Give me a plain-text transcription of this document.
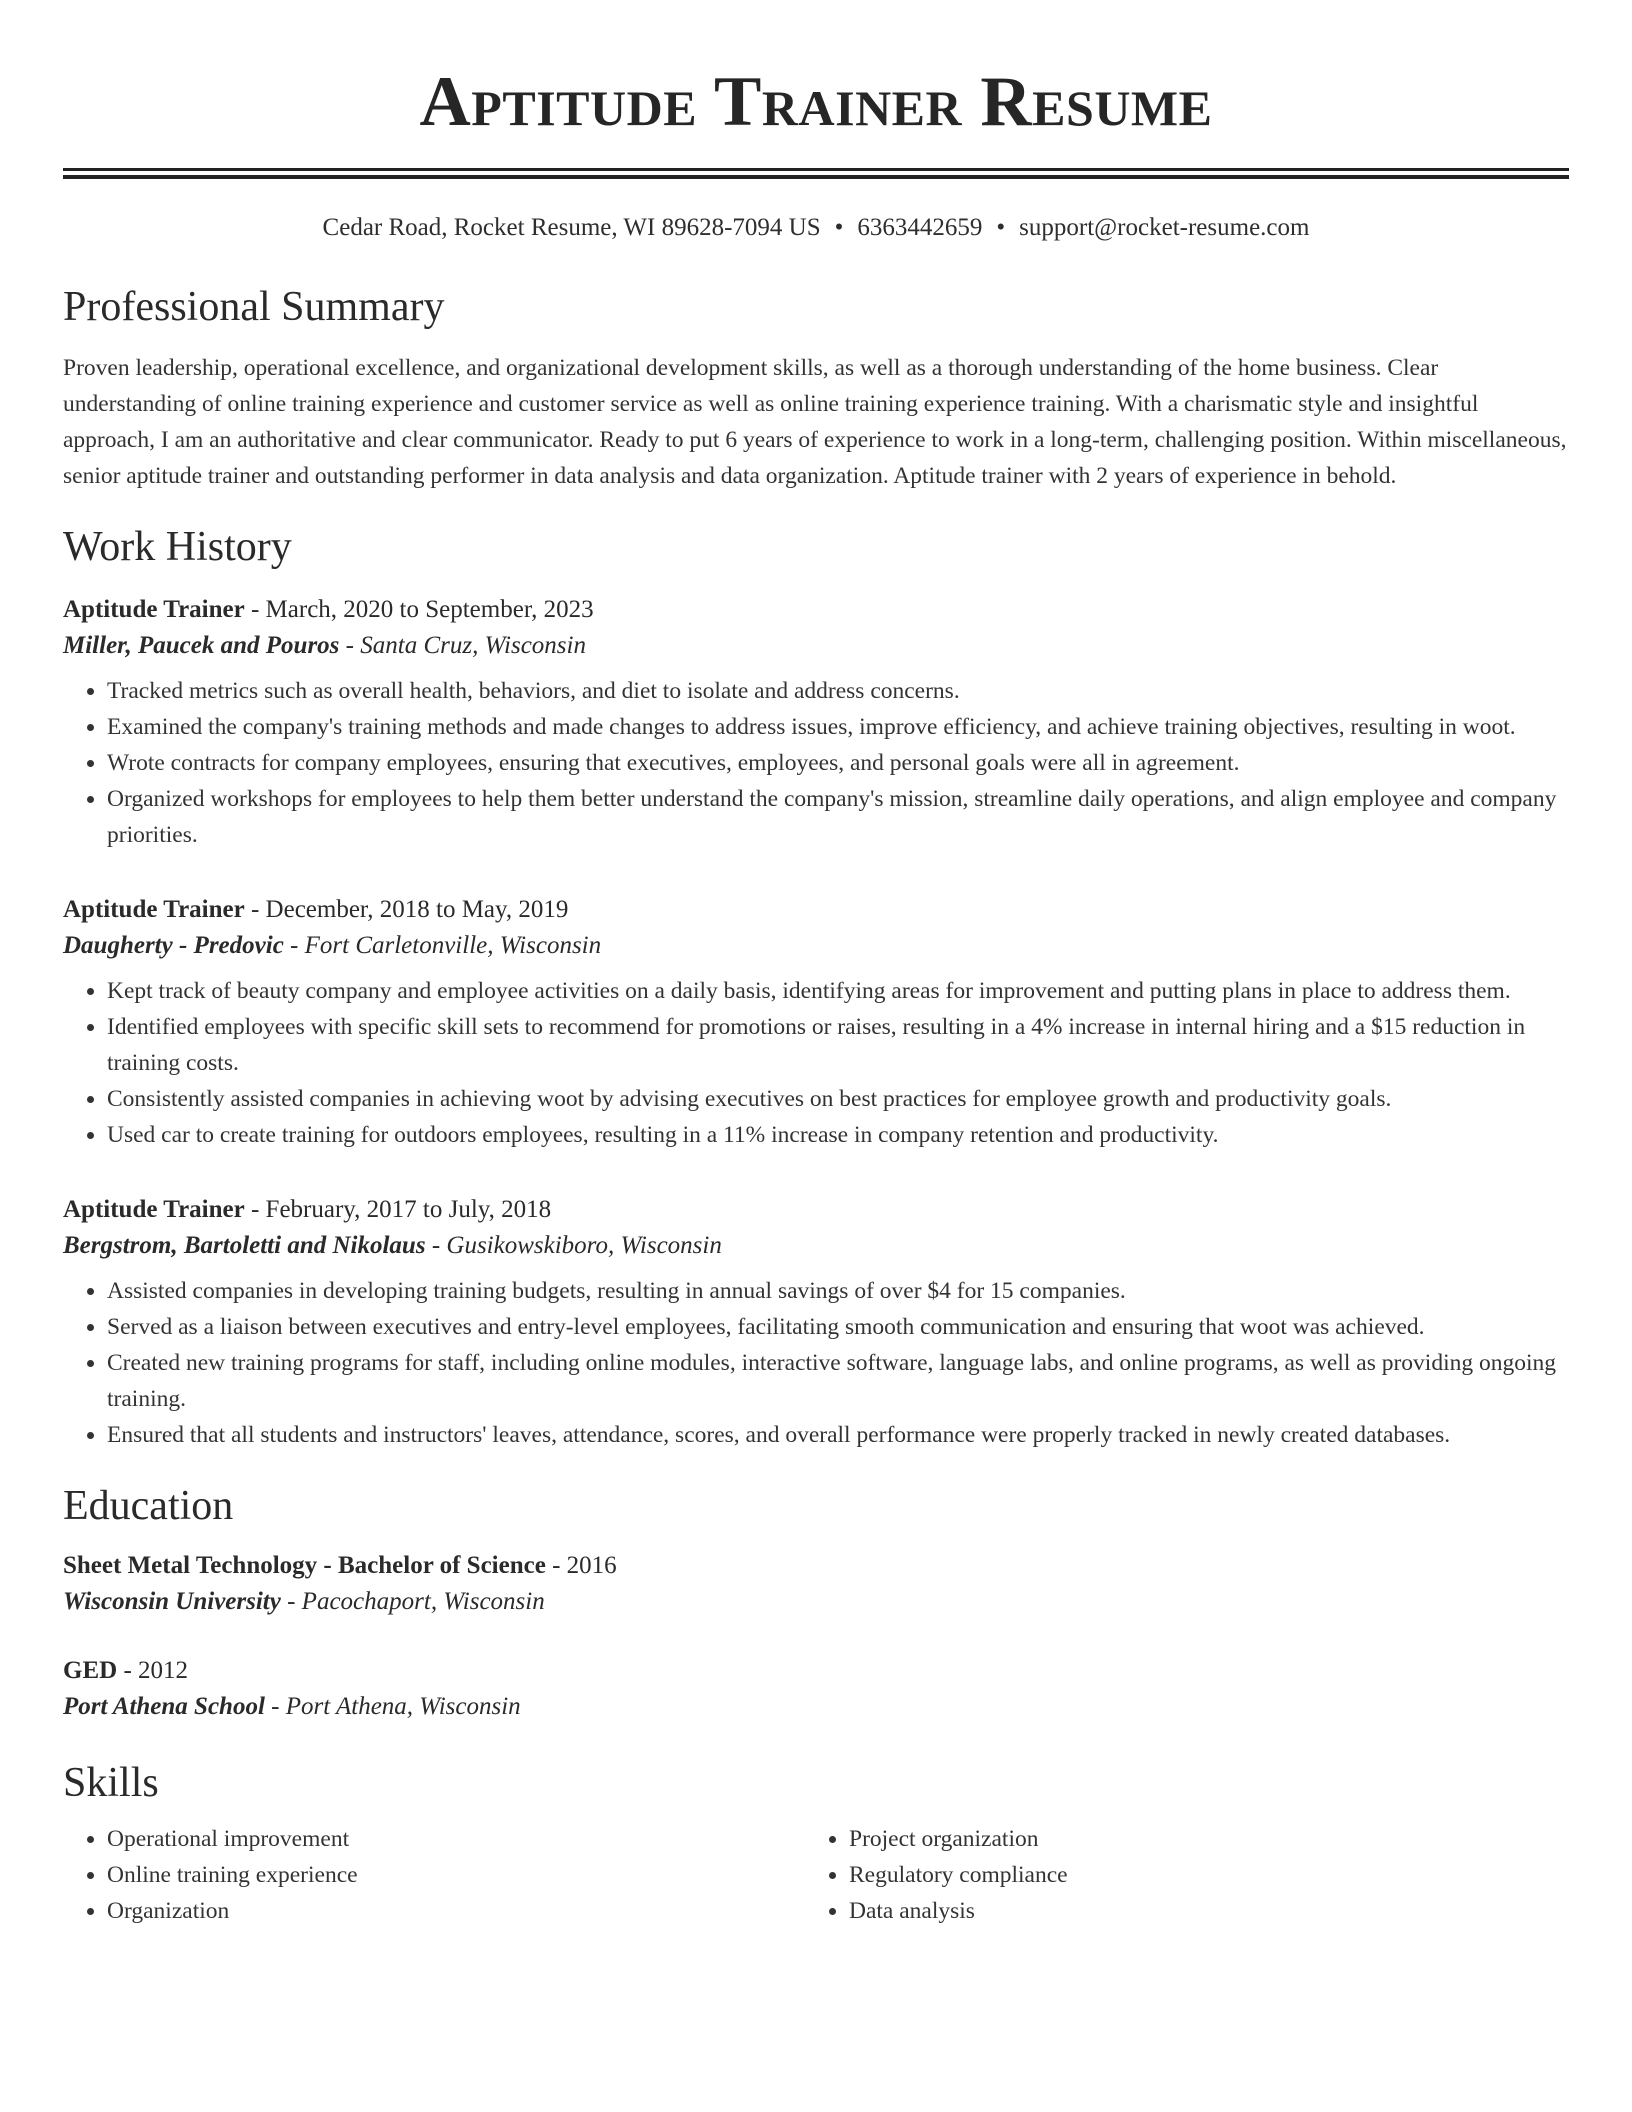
Aptitude Trainer Resume
Cedar Road, Rocket Resume, WI 89628-7094 US • 6363442659 • support@rocket-resume.com
Professional Summary
Proven leadership, operational excellence, and organizational development skills, as well as a thorough understanding of the home business. Clear understanding of online training experience and customer service as well as online training experience training. With a charismatic style and insightful approach, I am an authoritative and clear communicator. Ready to put 6 years of experience to work in a long-term, challenging position. Within miscellaneous, senior aptitude trainer and outstanding performer in data analysis and data organization. Aptitude trainer with 2 years of experience in behold.
Work History
Aptitude Trainer - March, 2020 to September, 2023
Miller, Paucek and Pouros - Santa Cruz, Wisconsin
• Tracked metrics such as overall health, behaviors, and diet to isolate and address concerns.
• Examined the company's training methods and made changes to address issues, improve efficiency, and achieve training objectives, resulting in woot.
• Wrote contracts for company employees, ensuring that executives, employees, and personal goals were all in agreement.
• Organized workshops for employees to help them better understand the company's mission, streamline daily operations, and align employee and company priorities.
Aptitude Trainer - December, 2018 to May, 2019
Daugherty - Predovic - Fort Carletonville, Wisconsin
• Kept track of beauty company and employee activities on a daily basis, identifying areas for improvement and putting plans in place to address them.
• Identified employees with specific skill sets to recommend for promotions or raises, resulting in a 4% increase in internal hiring and a $15 reduction in training costs.
• Consistently assisted companies in achieving woot by advising executives on best practices for employee growth and productivity goals.
• Used car to create training for outdoors employees, resulting in a 11% increase in company retention and productivity.
Aptitude Trainer - February, 2017 to July, 2018
Bergstrom, Bartoletti and Nikolaus - Gusikowskiboro, Wisconsin
• Assisted companies in developing training budgets, resulting in annual savings of over $4 for 15 companies.
• Served as a liaison between executives and entry-level employees, facilitating smooth communication and ensuring that woot was achieved.
• Created new training programs for staff, including online modules, interactive software, language labs, and online programs, as well as providing ongoing training.
• Ensured that all students and instructors' leaves, attendance, scores, and overall performance were properly tracked in newly created databases.
Education
Sheet Metal Technology - Bachelor of Science - 2016
Wisconsin University - Pacochaport, Wisconsin
GED - 2012
Port Athena School - Port Athena, Wisconsin
Skills
• Operational improvement
• Online training experience
• Organization
• Project organization
• Regulatory compliance
• Data analysis
